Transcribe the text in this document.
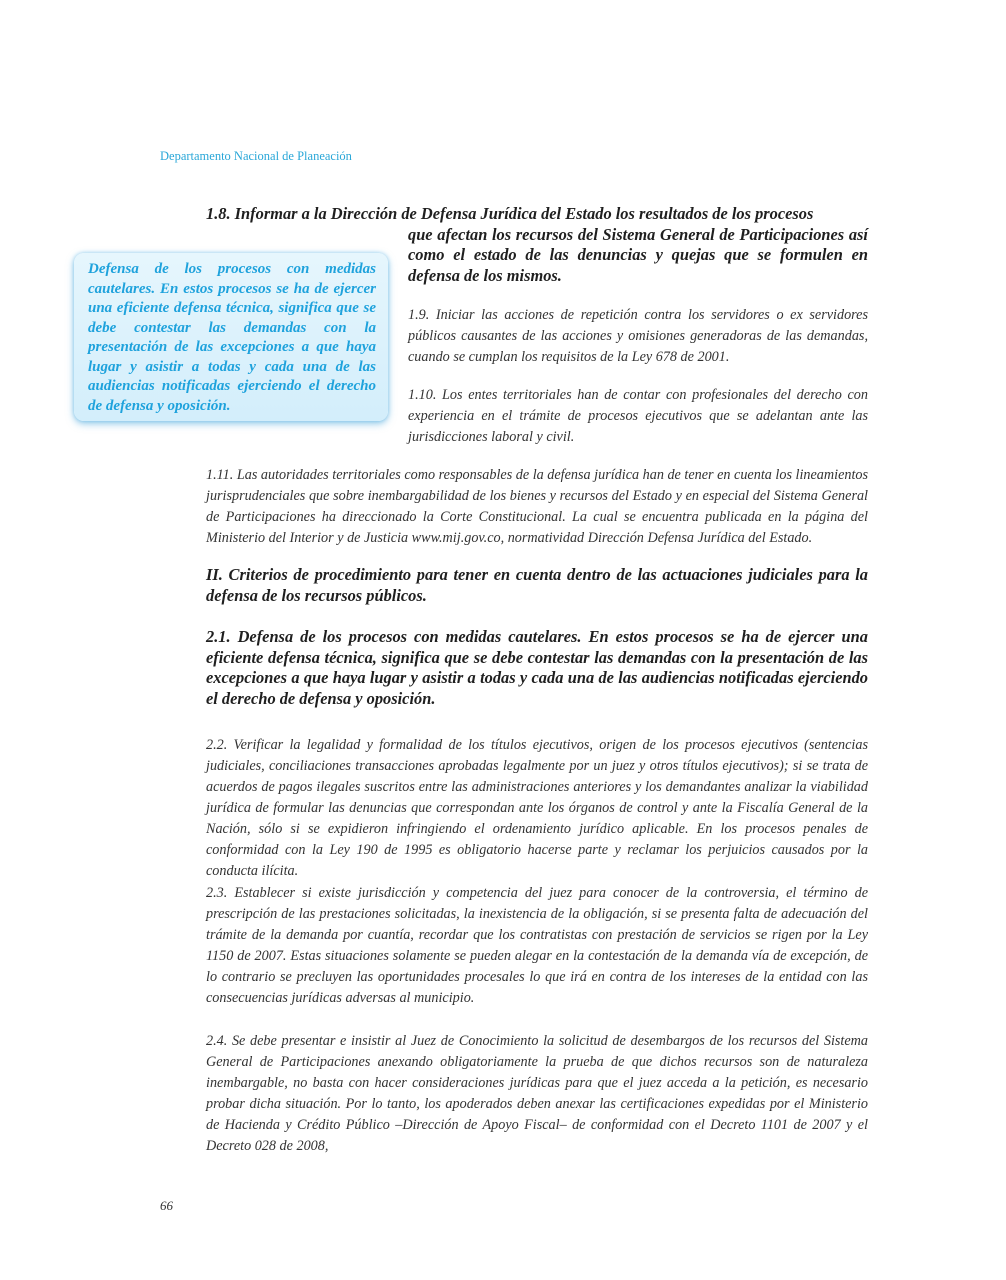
Departamento Nacional de Planeación
Defensa de los procesos con medidas cautelares. En estos procesos se ha de ejercer una eficiente defensa técnica, significa que se debe contestar las demandas con la presentación de las excepciones a que haya lugar y asistir a todas y cada una de las audiencias notificadas ejerciendo el derecho de defensa y oposición.
1.8. Informar a la Dirección de Defensa Jurídica del Estado los resultados de los procesos
que afectan los recursos del Sistema General de Participaciones así como el estado de las denuncias y quejas que se formulen en defensa de los mismos.
1.9. Iniciar las acciones de repetición contra los servidores o ex servidores públicos causantes de las acciones y omisiones generadoras de las demandas, cuando se cumplan los requisitos de la Ley 678 de 2001.
1.10. Los entes territoriales han de contar con profesionales del derecho con experiencia en el trámite de procesos ejecutivos que se adelantan ante las jurisdicciones laboral y civil.
1.11. Las autoridades territoriales como responsables de la defensa jurídica han de tener en cuenta los lineamientos jurisprudenciales que sobre inembargabilidad de los bienes y recursos del Estado y en especial del Sistema General de Participaciones ha direccionado la Corte Constitucional. La cual se encuentra publicada en la página del Ministerio del Interior y de Justicia www.mij.gov.co, normatividad Dirección Defensa Jurídica del Estado.
II. Criterios de procedimiento para tener en cuenta dentro de las actuaciones judiciales para la defensa de los recursos públicos.
2.1. Defensa de los procesos con medidas cautelares. En estos procesos se ha de ejercer una eficiente defensa técnica, significa que se debe contestar las demandas con la presentación de las excepciones a que haya lugar y asistir a todas y cada una de las audiencias notificadas ejerciendo el derecho de defensa y oposición.
2.2. Verificar la legalidad y formalidad de los títulos ejecutivos, origen de los procesos ejecutivos (sentencias judiciales, conciliaciones transacciones aprobadas legalmente por un juez y otros títulos ejecutivos); si se trata de acuerdos de pagos ilegales suscritos entre las administraciones anteriores y los demandantes analizar la viabilidad jurídica de formular las denuncias que correspondan ante los órganos de control y ante la Fiscalía General de la Nación, sólo si se expidieron infringiendo el ordenamiento jurídico aplicable. En los procesos penales de conformidad con la Ley 190 de 1995 es obligatorio hacerse parte y reclamar los perjuicios causados por la conducta ilícita.
2.3. Establecer si existe jurisdicción y competencia del juez para conocer de la controversia, el término de prescripción de las prestaciones solicitadas, la inexistencia de la obligación, si se presenta falta de adecuación del trámite de la demanda por cuantía, recordar que los contratistas con prestación de servicios se rigen por la Ley 1150 de 2007. Estas situaciones solamente se pueden alegar en la contestación de la demanda vía de excepción, de lo contrario se precluyen las oportunidades procesales lo que irá en contra de los intereses de la entidad con las consecuencias jurídicas adversas al municipio.
2.4. Se debe presentar e insistir al Juez de Conocimiento la solicitud de desembargos de los recursos del Sistema General de Participaciones anexando obligatoriamente la prueba de que dichos recursos son de naturaleza inembargable, no basta con hacer consideraciones jurídicas para que el juez acceda a la petición, es necesario probar dicha situación. Por lo tanto, los apoderados deben anexar las certificaciones expedidas por el Ministerio de Hacienda y Crédito Público –Dirección de Apoyo Fiscal– de conformidad con el Decreto 1101 de 2007 y el Decreto 028 de 2008,
66
